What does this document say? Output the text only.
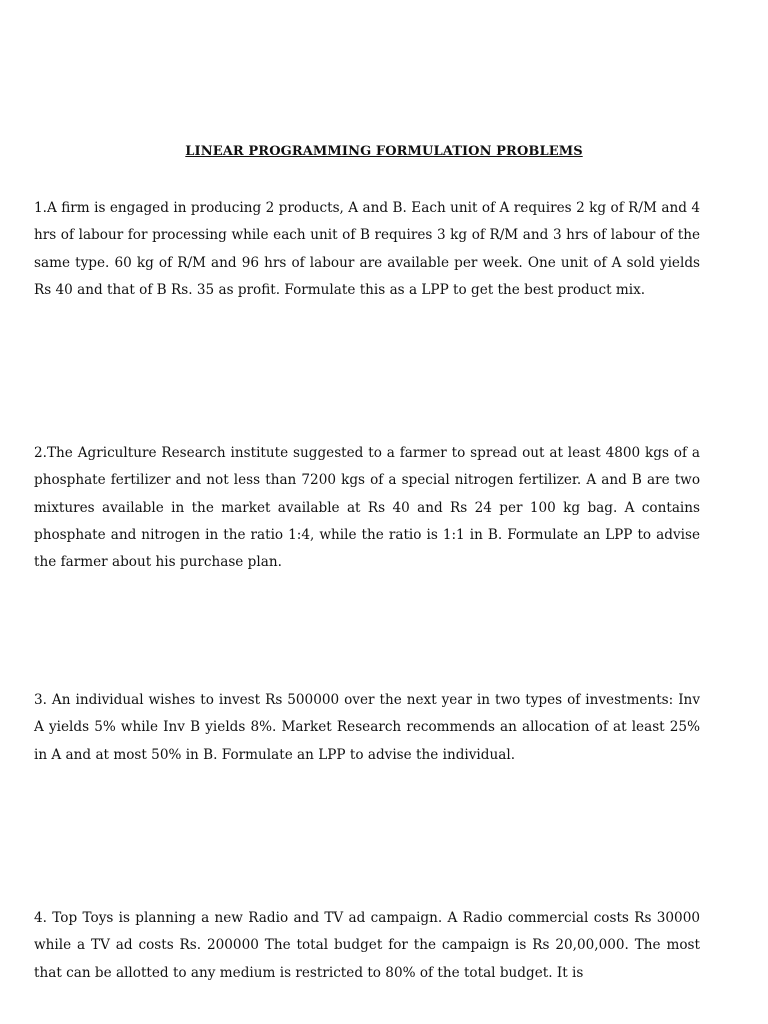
LINEAR PROGRAMMING FORMULATION PROBLEMS

1.A firm is engaged in producing 2 products, A and B. Each unit of A requires 2 kg of R/M and 4 hrs of labour for processing while each unit of B requires 3 kg of R/M and 3 hrs of labour of the same type. 60 kg of R/M and 96 hrs of labour are available per week. One unit of A sold yields Rs 40 and that of B Rs. 35 as profit. Formulate this as a LPP to get the best product mix.

2.The Agriculture Research institute suggested to a farmer to spread out at least 4800 kgs of a phosphate fertilizer and not less than 7200 kgs of a special nitrogen fertilizer. A and B are two mixtures available in the market available at Rs 40 and Rs 24 per 100 kg bag. A contains phosphate and nitrogen in the ratio 1:4, while the ratio is 1:1 in B. Formulate an LPP to advise the farmer about his purchase plan.

3. An individual wishes to invest Rs 500000 over the next year in two types of investments: Inv A yields 5% while Inv B yields 8%. Market Research recommends an allocation of at least 25% in A and at most 50% in B. Formulate an LPP to advise the individual.

4. Top Toys is planning a new Radio and TV ad campaign. A Radio commercial costs Rs 30000 while a TV ad costs Rs. 200000 The total budget for the campaign is Rs 20,00,000. The most that can be allotted to any medium is restricted to 80% of the total budget. It is
